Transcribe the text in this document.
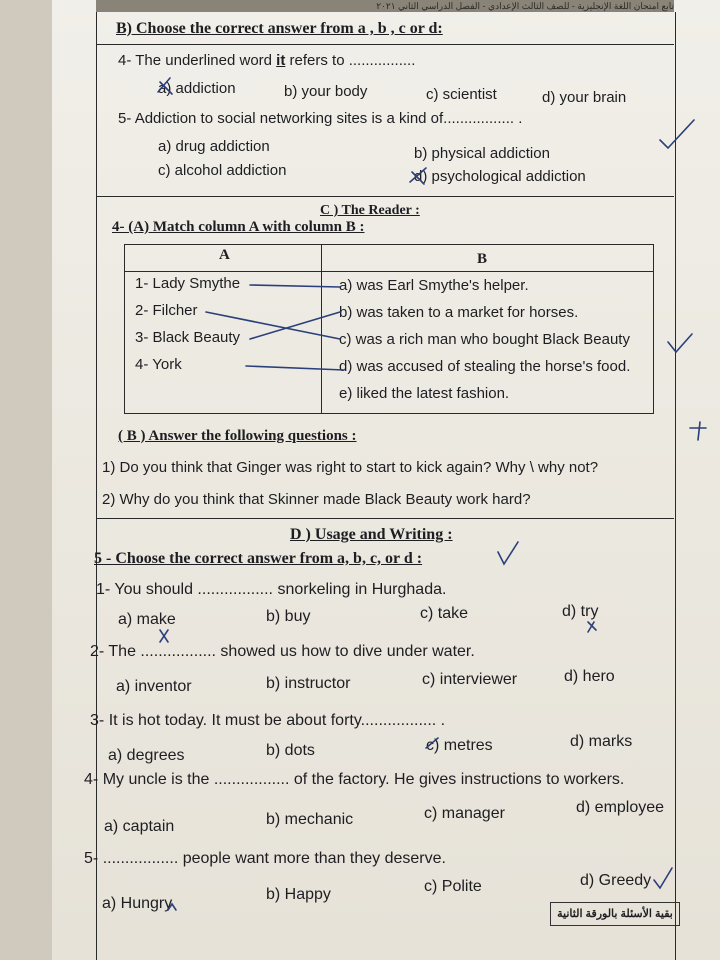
تابع امتحان اللغة الإنجليزية - للصف الثالث الإعدادي - الفصل الدراسي الثاني ٢٠٢١
B) Choose the correct answer from a , b , c or d:
4- The underlined word it refers to ................
a) addiction	b) your body	c) scientist	d) your brain
5- Addiction to social networking sites is a kind of................. .
a) drug addiction	b) physical addiction
c) alcohol addiction	d) psychological addiction
C ) The Reader :
4- (A) Match column A with column B :
A	B
1- Lady Smythe
2- Filcher
3- Black Beauty
4- York
a) was Earl Smythe's helper.
b) was taken to a market for horses.
c) was a rich man who bought Black Beauty
d) was accused of stealing the horse's food.
e) liked the latest fashion.
( B ) Answer the following questions :
1) Do you think that Ginger was right to start to kick again? Why \ why not?
2) Why do you think that Skinner made Black Beauty work hard?
D ) Usage and Writing :
5 - Choose the correct answer from a, b, c, or d :
1- You should ................. snorkeling in Hurghada.
a) make	b) buy	c) take	d) try
2- The ................. showed us how to dive under water.
a) inventor	b) instructor	c) interviewer	d) hero
3- It is hot today. It must be about forty................. .
a) degrees	b) dots	c) metres	d) marks
4- My uncle is the ................. of the factory. He gives instructions to workers.
a) captain	b) mechanic	c) manager	d) employee
5- ................. people want more than they deserve.
a) Hungry
b) Happy	c) Polite	d) Greedy
بقية الأسئلة بالورقة الثانية
